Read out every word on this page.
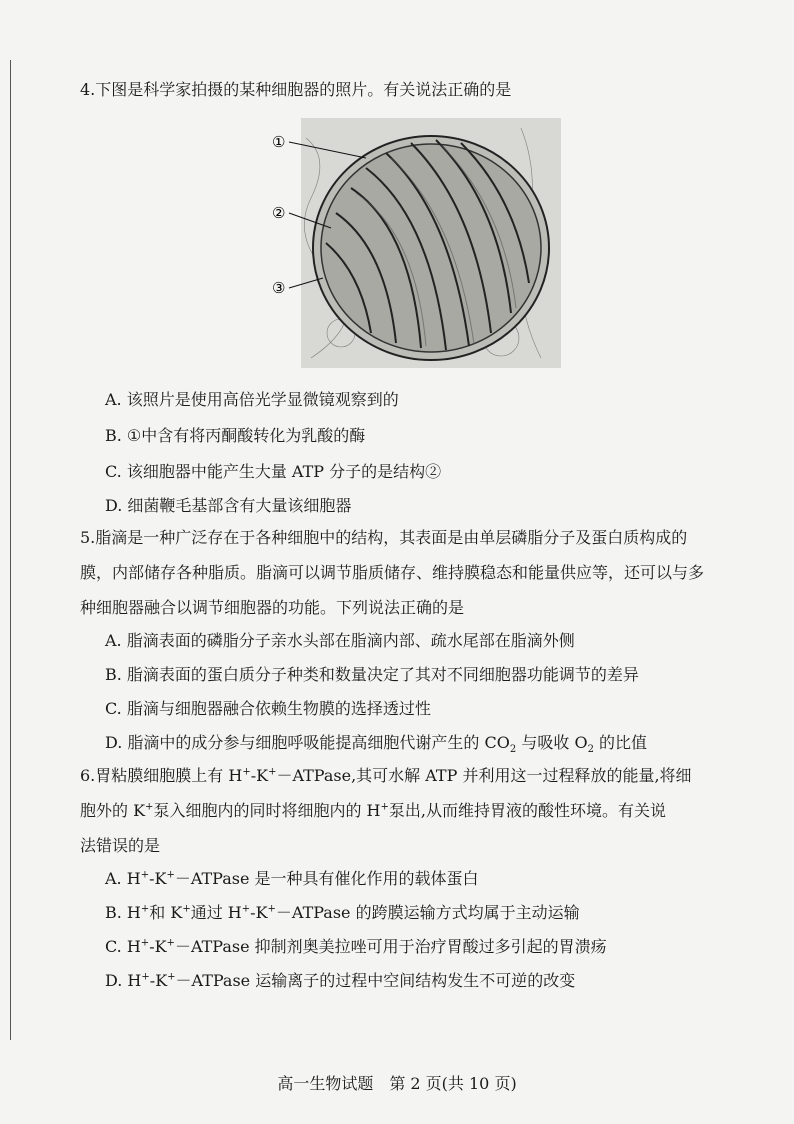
4.下图是科学家拍摄的某种细胞器的照片。有关说法正确的是
①
②
③
A. 该照片是使用高倍光学显微镜观察到的
B. ①中含有将丙酮酸转化为乳酸的酶
C. 该细胞器中能产生大量 ATP 分子的是结构②
D. 细菌鞭毛基部含有大量该细胞器
5.脂滴是一种广泛存在于各种细胞中的结构，其表面是由单层磷脂分子及蛋白质构成的
膜，内部储存各种脂质。脂滴可以调节脂质储存、维持膜稳态和能量供应等，还可以与多
种细胞器融合以调节细胞器的功能。下列说法正确的是
A. 脂滴表面的磷脂分子亲水头部在脂滴内部、疏水尾部在脂滴外侧
B. 脂滴表面的蛋白质分子种类和数量决定了其对不同细胞器功能调节的差异
C. 脂滴与细胞器融合依赖生物膜的选择透过性
D. 脂滴中的成分参与细胞呼吸能提高细胞代谢产生的 $CO_2$ 与吸收 $O_2$ 的比值
6.胃粘膜细胞膜上有 H+-K+－ATPase,其可水解 ATP 并利用这一过程释放的能量,将细
胞外的 K+泵入细胞内的同时将细胞内的 H+泵出,从而维持胃液的酸性环境。有关说
法错误的是
A. H+-K+－ATPase 是一种具有催化作用的载体蛋白
B. H+和 K+通过 H+-K+－ATPase 的跨膜运输方式均属于主动运输
C. H+-K+－ATPase 抑制剂奥美拉唑可用于治疗胃酸过多引起的胃溃疡
D. H+-K+－ATPase 运输离子的过程中空间结构发生不可逆的改变
高一生物试题　第 2 页(共 10 页)
